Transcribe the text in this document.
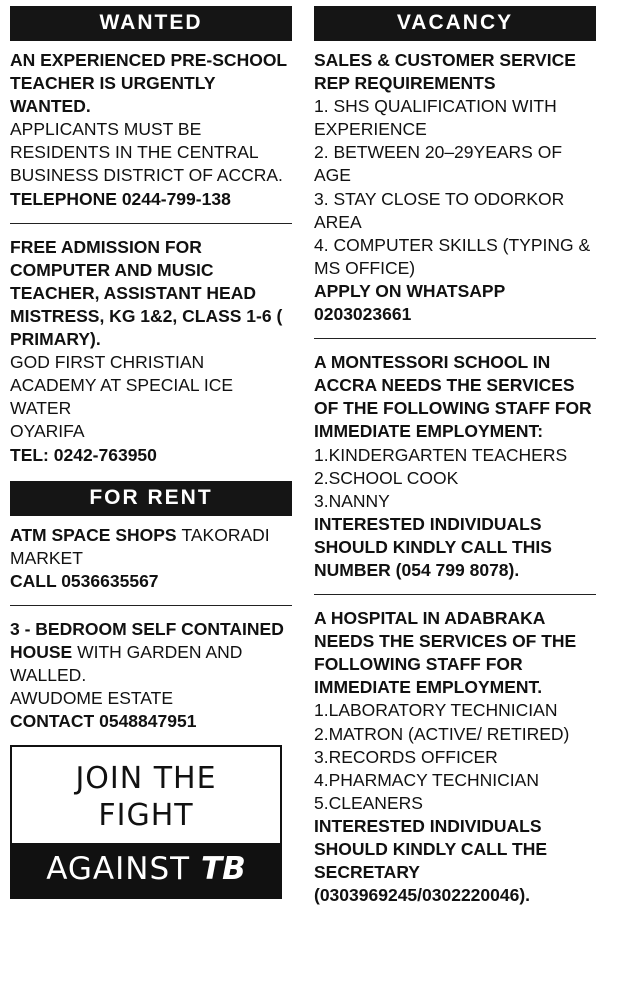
WANTED

AN EXPERIENCED PRE-SCHOOL TEACHER IS URGENTLY WANTED.

APPLICANTS MUST BE RESIDENTS IN THE CENTRAL BUSINESS DISTRICT OF ACCRA.

TELEPHONE 0244-799-138

FREE ADMISSION FOR COMPUTER AND MUSIC TEACHER, ASSISTANT HEAD MISTRESS, KG 1&2, CLASS 1-6 ( PRIMARY).

GOD FIRST CHRISTIAN ACADEMY AT SPECIAL ICE WATER

OYARIFA

TEL: 0242-763950

FOR RENT

ATM SPACE SHOPS TAKORADI MARKET

CALL 0536635567

3 - BEDROOM SELF CONTAINED HOUSE WITH GARDEN AND WALLED.

AWUDOME ESTATE

CONTACT 0548847951

JOIN THE
FIGHT
AGAINST TB
VACANCY

SALES & CUSTOMER SERVICE REP REQUIREMENTS

1. SHS QUALIFICATION WITH EXPERIENCE

2. BETWEEN 20–29YEARS OF AGE

3. STAY CLOSE TO ODORKOR AREA

4. COMPUTER SKILLS (TYPING & MS OFFICE)

APPLY ON WHATSAPP 0203023661

A MONTESSORI SCHOOL IN ACCRA NEEDS THE SERVICES OF THE FOLLOWING STAFF FOR IMMEDIATE EMPLOYMENT:

1.KINDERGARTEN TEACHERS

2.SCHOOL COOK

3.NANNY

INTERESTED INDIVIDUALS SHOULD KINDLY CALL THIS NUMBER (054 799 8078).

A HOSPITAL IN ADABRAKA NEEDS THE SERVICES OF THE FOLLOWING STAFF FOR IMMEDIATE EMPLOYMENT.

1.LABORATORY TECHNICIAN

2.MATRON (ACTIVE/ RETIRED)

3.RECORDS OFFICER

4.PHARMACY TECHNICIAN

5.CLEANERS

INTERESTED INDIVIDUALS SHOULD KINDLY CALL THE SECRETARY (0303969245/0302220046).
